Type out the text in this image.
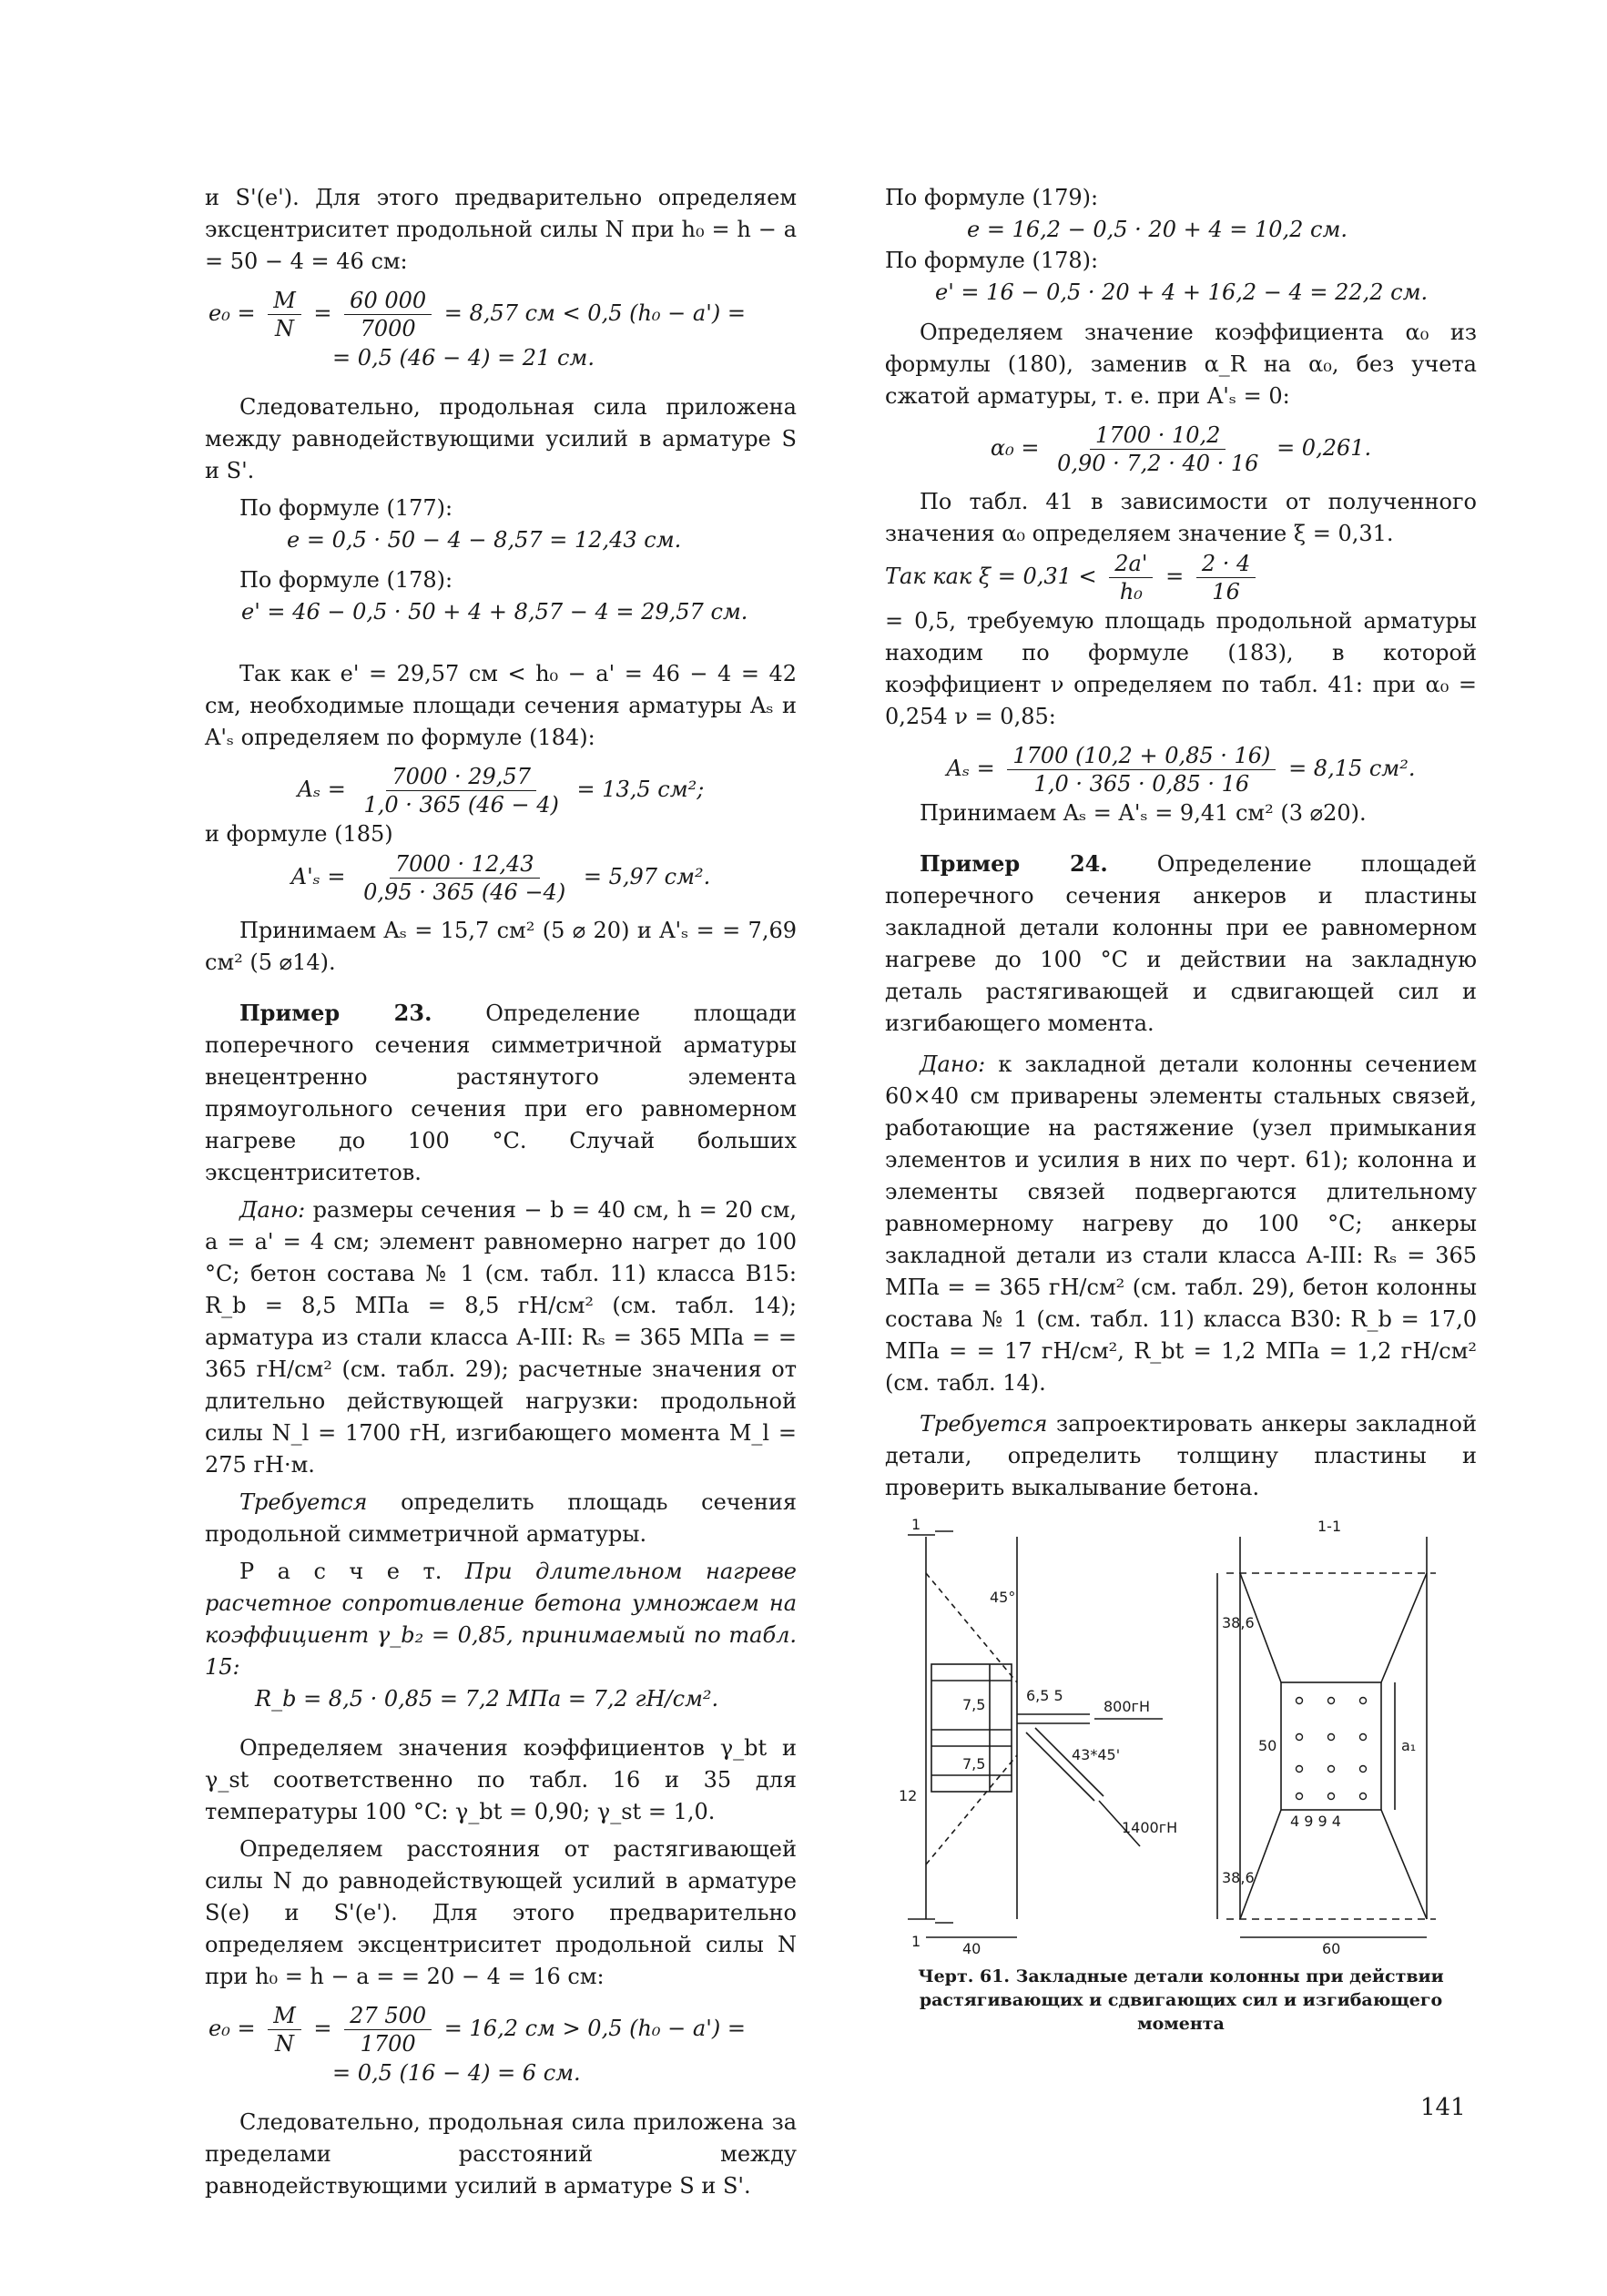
и S'(e'). Для этого предварительно определяем эксцентриситет продольной силы N при h₀ = h − a = 50 − 4 = 46 см:

$e_0 = \frac{M}{N} = \frac{60 000}{7000} = 8,57$ см < 0,5 (h₀ − a') =
= 0,5 (46 − 4) = 21 см.

Следовательно, продольная сила приложена между равнодействующими усилий в арматуре S и S'.

По формуле (177):

e = 0,5 · 50 − 4 − 8,57 = 12,43 см.

По формуле (178):

e' = 46 − 0,5 · 50 + 4 + 8,57 − 4 = 29,57 см.

Так как e' = 29,57 см < h₀ − a' = 46 − 4 = 42 см, необходимые площади сечения арматуры Aₛ и A'ₛ определяем по формуле (184):

$A_s = \frac{7000 \cdot 29,57}{1,0 \cdot 365 (46 - 4)} = 13,5$ см²;

и формуле (185)

$A'_s = \frac{7000 \cdot 12,43}{0,95 \cdot 365 (46 -4)} = 5,97$ см².

Принимаем Aₛ = 15,7 см² (5 ⌀ 20) и A'ₛ = = 7,69 см² (5 ⌀14).

Пример 23. Определение площади поперечного сечения симметричной арматуры внецентренно растянутого элемента прямоугольного сечения при его равномерном нагреве до 100 °С. Случай больших эксцентриситетов.

Дано: размеры сечения − b = 40 см, h = 20 см, a = a' = 4 см; элемент равномерно нагрет до 100 °С; бетон состава № 1 (см. табл. 11) класса В15: R_b = 8,5 МПа = 8,5 гН/см² (см. табл. 14); арматура из стали класса А-III: Rₛ = 365 МПа = = 365 гН/см² (см. табл. 29); расчетные значения от длительно действующей нагрузки: продольной силы N_l = 1700 гН, изгибающего момента M_l = 275 гН·м.

Требуется определить площадь сечения продольной симметричной арматуры.

Р а с ч е т. При длительном нагреве расчетное сопротивление бетона умножаем на коэффициент γ_b₂ = 0,85, принимаемый по табл. 15:

R_b = 8,5 · 0,85 = 7,2 МПа = 7,2 гН/см².

Определяем значения коэффициентов γ_bt и γ_st соответственно по табл. 16 и 35 для температуры 100 °С: γ_bt = 0,90; γ_st = 1,0.

Определяем расстояния от растягивающей силы N до равнодействующей усилий в арматуре S(e) и S'(e'). Для этого предварительно определяем эксцентриситет продольной силы N при h₀ = h − a = = 20 − 4 = 16 см:

$e_0 = \frac{M}{N} = \frac{27 500}{1700} = 16,2$ см > 0,5 (h₀ − a') =
= 0,5 (16 − 4) = 6 см.

Следовательно, продольная сила приложена за пределами расстояний между равнодействующими усилий в арматуре S и S'.

По формуле (179):

e = 16,2 − 0,5 · 20 + 4 = 10,2 см.

По формуле (178):

e' = 16 − 0,5 · 20 + 4 + 16,2 − 4 = 22,2 см.

Определяем значение коэффициента α₀ из формулы (180), заменив α_R на α₀, без учета сжатой арматуры, т. е. при A'ₛ = 0:

$\alpha_0 = \frac{1700 \cdot 10,2}{0,90 \cdot 7,2 \cdot 40 \cdot 16} = 0,261$.

По табл. 41 в зависимости от полученного значения α₀ определяем значение ξ = 0,31.

Так как $\xi = 0,31 < \frac{2a'}{\text{h₀}} = \frac{2 \cdot 4}{16}$

= 0,5, требуемую площадь продольной арматуры находим по формуле (183), в которой коэффициент ν определяем по табл. 41: при α₀ = 0,254 ν = 0,85:

$A_s = \frac{1700 (10,2 + 0,85 \cdot 16)}{1,0 \cdot 365 \cdot 0,85 \cdot 16} = 8,15$ см².

Принимаем Aₛ = A'ₛ = 9,41 см² (3 ⌀20).

Пример 24. Определение площадей поперечного сечения анкеров и пластины закладной детали колонны при ее равномерном нагреве до 100 °С и действии на закладную деталь растягивающей и сдвигающей сил и изгибающего момента.

Дано: к закладной детали колонны сечением 60×40 см приварены элементы стальных связей, работающие на растяжение (узел примыкания элементов и усилия в них по черт. 61); колонна и элементы связей подвергаются длительному равномерному нагреву до 100 °С; анкеры закладной детали из стали класса А-III: Rₛ = 365 МПа = = 365 гН/см² (см. табл. 29), бетон колонны состава № 1 (см. табл. 11) класса В30: R_b = 17,0 МПа = = 17 гН/см², R_bt = 1,2 МПа = 1,2 гН/см² (см. табл. 14).

Требуется запроектировать анкеры закладной детали, определить толщину пластины и проверить выкалывание бетона.

1
1
45°
800гН
43*45'
1400гН
7,5
7,5
6,5 5
12
40
1-1
38,6
38,6
50	a₁
4 9 9 4
60

Черт. 61. Закладные детали колонны при действии растягивающих и сдвигающих сил и изгибающего момента

141
